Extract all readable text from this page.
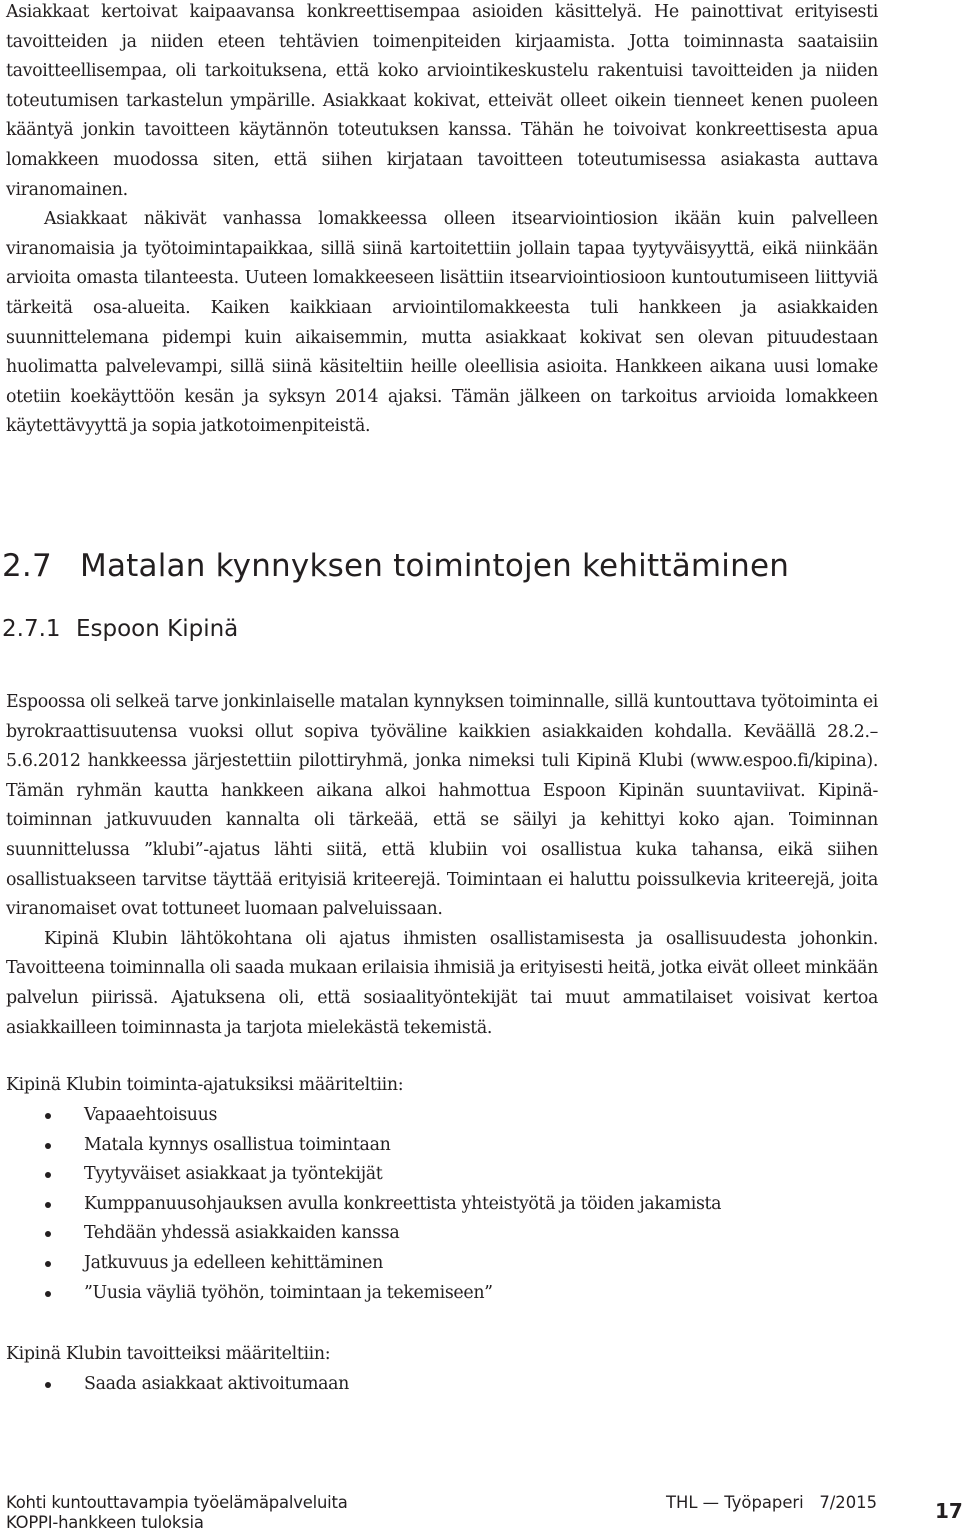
Asiakkaat kertoivat kaipaavansa konkreettisempaa asioiden käsittelyä. He painottivat erityisesti tavoitteiden ja niiden eteen tehtävien toimenpiteiden kirjaamista. Jotta toiminnasta saataisiin tavoitteellisempaa, oli tarkoituksena, että koko arviointikeskustelu rakentuisi tavoitteiden ja niiden toteutumisen tarkastelun ympärille. Asiakkaat kokivat, etteivät olleet oikein tienneet kenen puoleen kääntyä jonkin tavoitteen käytännön toteutuksen kanssa. Tähän he toivoivat konkreettisesta apua lomakkeen muodossa siten, että siihen kirjataan tavoitteen toteutumisessa asiakasta auttava viranomainen.

Asiakkaat näkivät vanhassa lomakkeessa olleen itsearviointiosion ikään kuin palvelleen viranomaisia ja työtoimintapaikkaa, sillä siinä kartoitettiin jollain tapaa tyytyväisyyttä, eikä niinkään arvioita omasta tilanteesta. Uuteen lomakkeeseen lisättiin itsearviointiosioon kuntoutumiseen liittyviä tärkeitä osa-alueita. Kaiken kaikkiaan arviointilomakkeesta tuli hankkeen ja asiakkaiden suunnittelemana pidempi kuin aikaisemmin, mutta asiakkaat kokivat sen olevan pituudestaan huolimatta palvelevampi, sillä siinä käsiteltiin heille oleellisia asioita. Hankkeen aikana uusi lomake otetiin koekäyttöön kesän ja syksyn 2014 ajaksi. Tämän jälkeen on tarkoitus arvioida lomakkeen käytettävyyttä ja sopia jatkotoimenpiteistä.

2.7 Matalan kynnyksen toimintojen kehittäminen
2.7.1 Espoon Kipinä

Espoossa oli selkeä tarve jonkinlaiselle matalan kynnyksen toiminnalle, sillä kuntouttava työtoiminta ei byrokraattisuutensa vuoksi ollut sopiva työväline kaikkien asiakkaiden kohdalla. Keväällä 28.2.–5.6.2012 hankkeessa järjestettiin pilottiryhmä, jonka nimeksi tuli Kipinä Klubi (www.espoo.fi/kipina). Tämän ryhmän kautta hankkeen aikana alkoi hahmottua Espoon Kipinän suuntaviivat. Kipinä-toiminnan jatkuvuuden kannalta oli tärkeää, että se säilyi ja kehittyi koko ajan. Toiminnan suunnittelussa ”klubi”-ajatus lähti siitä, että klubiin voi osallistua kuka tahansa, eikä siihen osallistuakseen tarvitse täyttää erityisiä kriteerejä. Toimintaan ei haluttu poissulkevia kriteerejä, joita viranomaiset ovat tottuneet luomaan palveluissaan.

Kipinä Klubin lähtökohtana oli ajatus ihmisten osallistamisesta ja osallisuudesta johonkin. Tavoitteena toiminnalla oli saada mukaan erilaisia ihmisiä ja erityisesti heitä, jotka eivät olleet minkään palvelun piirissä. Ajatuksena oli, että sosiaalityöntekijät tai muut ammatilaiset voisivat kertoa asiakkailleen toiminnasta ja tarjota mielekästä tekemistä.

Kipinä Klubin toiminta-ajatuksiksi määriteltiin:

Vapaaehtoisuus
Matala kynnys osallistua toimintaan
Tyytyväiset asiakkaat ja työntekijät
Kumppanuusohjauksen avulla konkreettista yhteistyötä ja töiden jakamista
Tehdään yhdessä asiakkaiden kanssa
Jatkuvuus ja edelleen kehittäminen
”Uusia väyliä työhön, toimintaan ja tekemiseen”

Kipinä Klubin tavoitteiksi määriteltiin:

Saada asiakkaat aktivoitumaan
Kohti kuntouttavampia työelämäpalveluita
KOPPI-hankkeen tuloksia
THL — Työpaperi 7/2015	17
